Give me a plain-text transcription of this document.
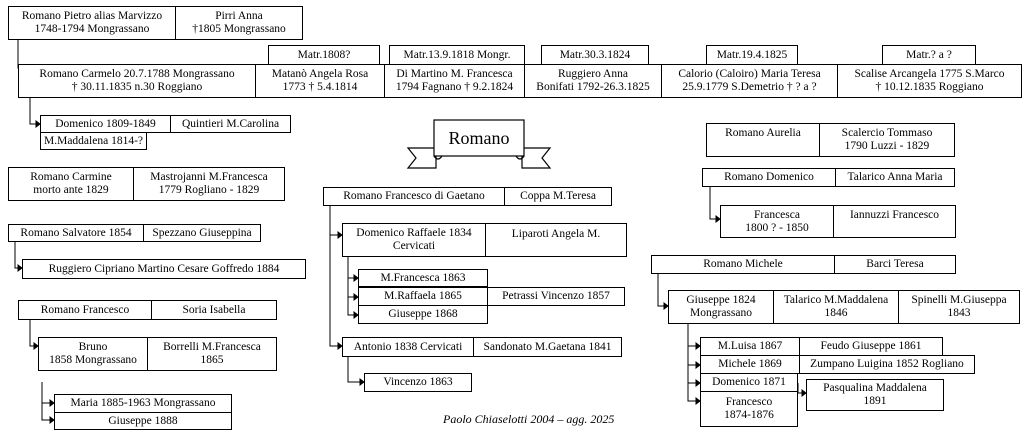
Romano
Romano Pietro alias Marvizzo
1748-1794 Mongrassano
Pirri Anna
†1805 Mongrassano
Matr.1808?	Matr.13.9.1818 Mongr.	Matr.30.3.1824	Matr.19.4.1825	Matr.? a ?
Romano Carmelo 20.7.1788 Mongrassano
† 30.11.1835 n.30 Roggiano
Matanò Angela Rosa
1773 † 5.4.1814
Di Martino M. Francesca
1794 Fagnano † 9.2.1824
Ruggiero Anna
Bonifati 1792-26.3.1825
Calorio (Caloiro) Maria Teresa
25.9.1779 S.Demetrio † ? a ?
Scalise Arcangela 1775 S.Marco
† 10.12.1835 Roggiano
Domenico 1809-1849	Quintieri M.Carolina
M.Maddalena 1814-?
Romano Carmine
morto ante 1829
Mastrojanni M.Francesca
1779 Rogliano - 1829
Romano Salvatore 1854	Spezzano Giuseppina
Ruggiero Cipriano Martino Cesare Goffredo 1884
Romano Francesco	Soria Isabella
Bruno
1858 Mongrassano
Borrelli M.Francesca
1865
Maria 1885-1963 Mongrassano
Giuseppe 1888
Romano Francesco di Gaetano	Coppa M.Teresa
Domenico Raffaele 1834
Cervicati
Liparoti Angela M.
M.Francesca 1863
M.Raffaela 1865	Petrassi Vincenzo 1857
Giuseppe 1868
Antonio 1838 Cervicati	Sandonato M.Gaetana 1841
Vincenzo 1863
Paolo Chiaselotti 2004 – agg. 2025
Romano Aurelia	Scalercio Tommaso
1790 Luzzi - 1829
Romano Domenico	Talarico Anna Maria
Francesca
1800 ? - 1850
Iannuzzi Francesco
Romano Michele	Barci Teresa
Giuseppe 1824
Mongrassano
Talarico M.Maddalena
1846
Spinelli M.Giuseppa
1843
M.Luisa 1867	Feudo Giuseppe 1861
Michele 1869	Zumpano Luigina 1852 Rogliano
Domenico 1871	Pasqualina Maddalena
1891
Francesco
1874-1876
